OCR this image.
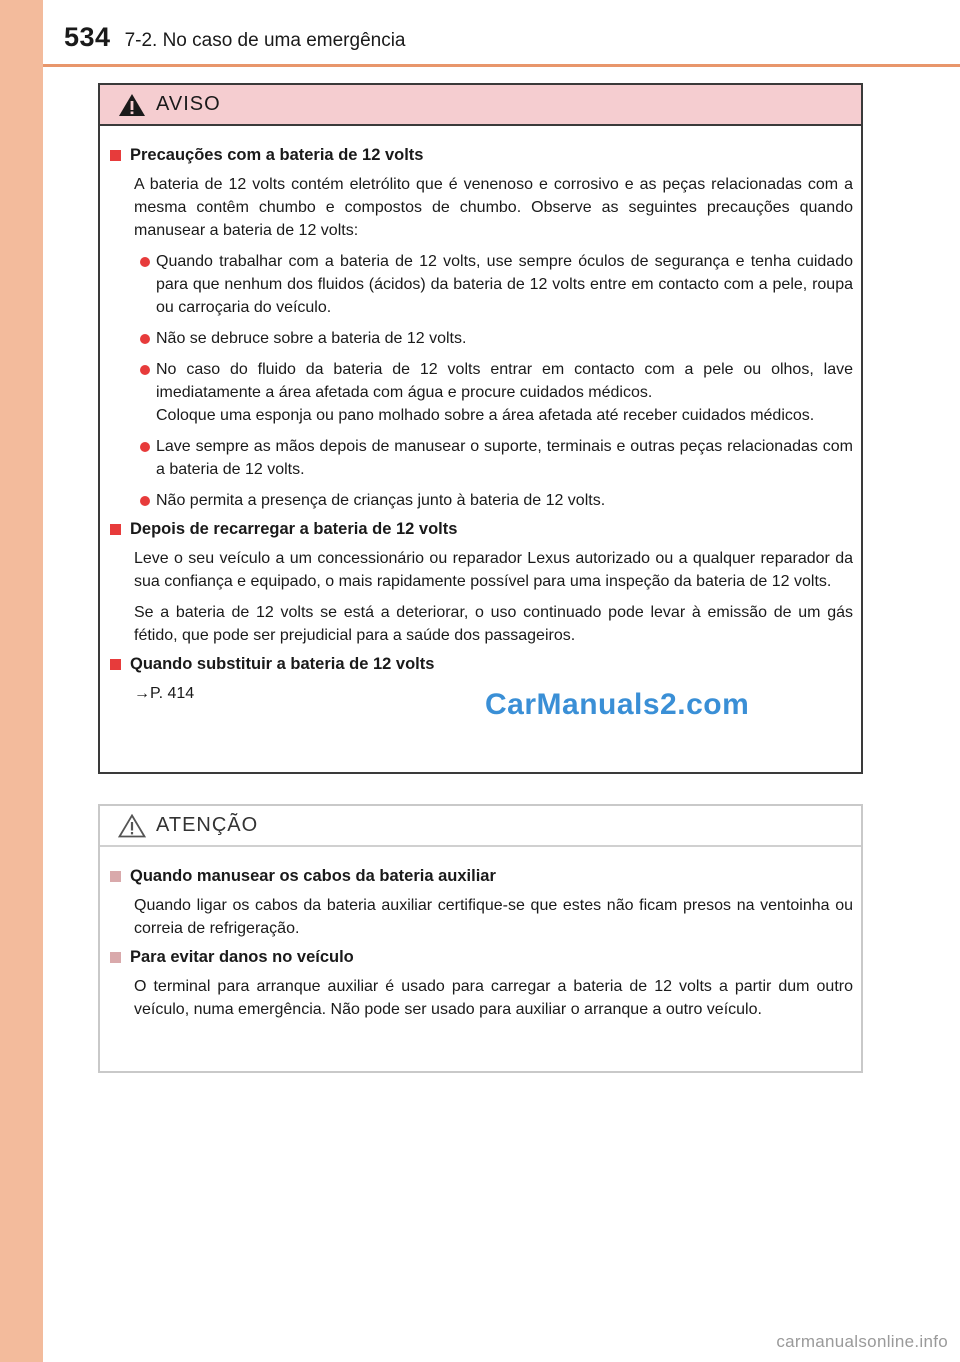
534 7-2. No caso de uma emergência
AVISO
Precauções com a bateria de 12 volts
A bateria de 12 volts contém eletrólito que é venenoso e corrosivo e as peças relacionadas com a mesma contêm chumbo e compostos de chumbo. Observe as seguintes precauções quando manusear a bateria de 12 volts:
Quando trabalhar com a bateria de 12 volts, use sempre óculos de segurança e tenha cuidado para que nenhum dos fluidos (ácidos) da bateria de 12 volts entre em contacto com a pele, roupa ou carroçaria do veículo.
Não se debruce sobre a bateria de 12 volts.
No caso do fluido da bateria de 12 volts entrar em contacto com a pele ou olhos, lave imediatamente a área afetada com água e procure cuidados médicos.
Coloque uma esponja ou pano molhado sobre a área afetada até receber cuidados médicos.
Lave sempre as mãos depois de manusear o suporte, terminais e outras peças relacionadas com a bateria de 12 volts.
Não permita a presença de crianças junto à bateria de 12 volts.
Depois de recarregar a bateria de 12 volts
Leve o seu veículo a um concessionário ou reparador Lexus autorizado ou a qualquer reparador da sua confiança e equipado, o mais rapidamente possível para uma inspeção da bateria de 12 volts.
Se a bateria de 12 volts se está a deteriorar, o uso continuado pode levar à emissão de um gás fétido, que pode ser prejudicial para a saúde dos passageiros.
Quando substituir a bateria de 12 volts
→P. 414	CarManuals2.com
ATENÇÃO
Quando manusear os cabos da bateria auxiliar
Quando ligar os cabos da bateria auxiliar certifique-se que estes não ficam presos na ventoinha ou correia de refrigeração.
Para evitar danos no veículo
O terminal para arranque auxiliar é usado para carregar a bateria de 12 volts a partir dum outro veículo, numa emergência. Não pode ser usado para auxiliar o arranque a outro veículo.
carmanualsonline.info
